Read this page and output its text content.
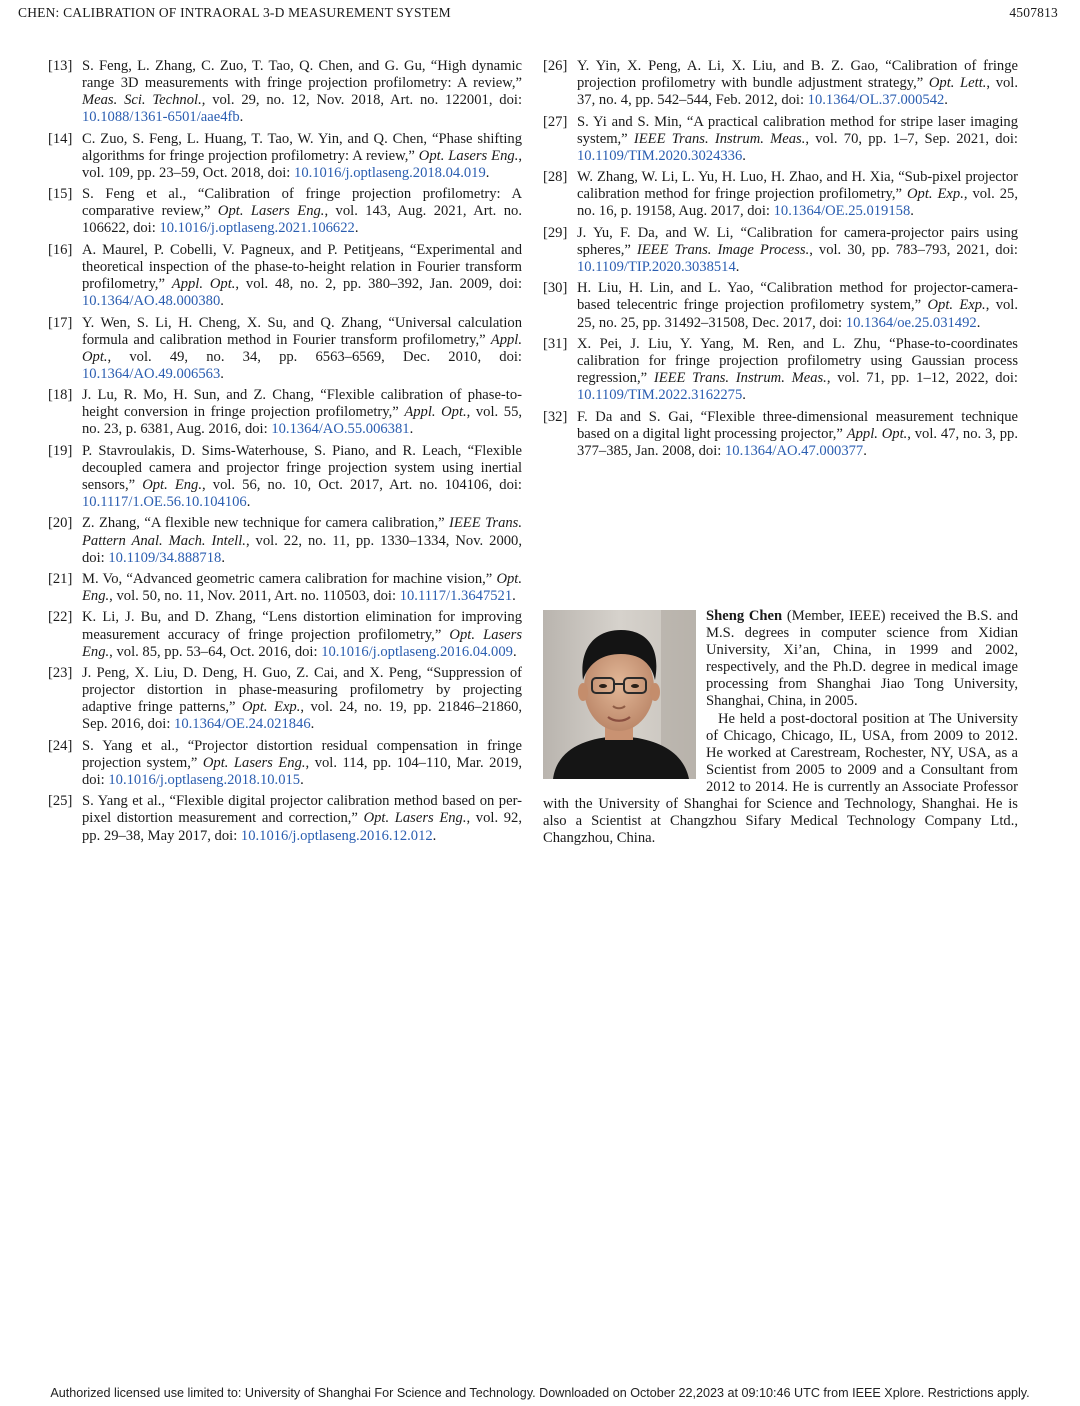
CHEN: CALIBRATION OF INTRAORAL 3-D MEASUREMENT SYSTEM	4507813
[13] S. Feng, L. Zhang, C. Zuo, T. Tao, Q. Chen, and G. Gu, “High dynamic range 3D measurements with fringe projection profilometry: A review,” Meas. Sci. Technol., vol. 29, no. 12, Nov. 2018, Art. no. 122001, doi: 10.1088/1361-6501/aae4fb.
[14] C. Zuo, S. Feng, L. Huang, T. Tao, W. Yin, and Q. Chen, “Phase shifting algorithms for fringe projection profilometry: A review,” Opt. Lasers Eng., vol. 109, pp. 23–59, Oct. 2018, doi: 10.1016/j.optlaseng.2018.04.019.
[15] S. Feng et al., “Calibration of fringe projection profilometry: A comparative review,” Opt. Lasers Eng., vol. 143, Aug. 2021, Art. no. 106622, doi: 10.1016/j.optlaseng.2021.106622.
[16] A. Maurel, P. Cobelli, V. Pagneux, and P. Petitjeans, “Experimental and theoretical inspection of the phase-to-height relation in Fourier transform profilometry,” Appl. Opt., vol. 48, no. 2, pp. 380–392, Jan. 2009, doi: 10.1364/AO.48.000380.
[17] Y. Wen, S. Li, H. Cheng, X. Su, and Q. Zhang, “Universal calculation formula and calibration method in Fourier transform profilometry,” Appl. Opt., vol. 49, no. 34, pp. 6563–6569, Dec. 2010, doi: 10.1364/AO.49.006563.
[18] J. Lu, R. Mo, H. Sun, and Z. Chang, “Flexible calibration of phase-to-height conversion in fringe projection profilometry,” Appl. Opt., vol. 55, no. 23, p. 6381, Aug. 2016, doi: 10.1364/AO.55.006381.
[19] P. Stavroulakis, D. Sims-Waterhouse, S. Piano, and R. Leach, “Flexible decoupled camera and projector fringe projection system using inertial sensors,” Opt. Eng., vol. 56, no. 10, Oct. 2017, Art. no. 104106, doi: 10.1117/1.OE.56.10.104106.
[20] Z. Zhang, “A flexible new technique for camera calibration,” IEEE Trans. Pattern Anal. Mach. Intell., vol. 22, no. 11, pp. 1330–1334, Nov. 2000, doi: 10.1109/34.888718.
[21] M. Vo, “Advanced geometric camera calibration for machine vision,” Opt. Eng., vol. 50, no. 11, Nov. 2011, Art. no. 110503, doi: 10.1117/1.3647521.
[22] K. Li, J. Bu, and D. Zhang, “Lens distortion elimination for improving measurement accuracy of fringe projection profilometry,” Opt. Lasers Eng., vol. 85, pp. 53–64, Oct. 2016, doi: 10.1016/j.optlaseng.2016.04.009.
[23] J. Peng, X. Liu, D. Deng, H. Guo, Z. Cai, and X. Peng, “Suppression of projector distortion in phase-measuring profilometry by projecting adaptive fringe patterns,” Opt. Exp., vol. 24, no. 19, pp. 21846–21860, Sep. 2016, doi: 10.1364/OE.24.021846.
[24] S. Yang et al., “Projector distortion residual compensation in fringe projection system,” Opt. Lasers Eng., vol. 114, pp. 104–110, Mar. 2019, doi: 10.1016/j.optlaseng.2018.10.015.
[25] S. Yang et al., “Flexible digital projector calibration method based on per-pixel distortion measurement and correction,” Opt. Lasers Eng., vol. 92, pp. 29–38, May 2017, doi: 10.1016/j.optlaseng.2016.12.012.
[26] Y. Yin, X. Peng, A. Li, X. Liu, and B. Z. Gao, “Calibration of fringe projection profilometry with bundle adjustment strategy,” Opt. Lett., vol. 37, no. 4, pp. 542–544, Feb. 2012, doi: 10.1364/OL.37.000542.
[27] S. Yi and S. Min, “A practical calibration method for stripe laser imaging system,” IEEE Trans. Instrum. Meas., vol. 70, pp. 1–7, Sep. 2021, doi: 10.1109/TIM.2020.3024336.
[28] W. Zhang, W. Li, L. Yu, H. Luo, H. Zhao, and H. Xia, “Sub-pixel projector calibration method for fringe projection profilometry,” Opt. Exp., vol. 25, no. 16, p. 19158, Aug. 2017, doi: 10.1364/OE.25.019158.
[29] J. Yu, F. Da, and W. Li, “Calibration for camera-projector pairs using spheres,” IEEE Trans. Image Process., vol. 30, pp. 783–793, 2021, doi: 10.1109/TIP.2020.3038514.
[30] H. Liu, H. Lin, and L. Yao, “Calibration method for projector-camera-based telecentric fringe projection profilometry system,” Opt. Exp., vol. 25, no. 25, pp. 31492–31508, Dec. 2017, doi: 10.1364/oe.25.031492.
[31] X. Pei, J. Liu, Y. Yang, M. Ren, and L. Zhu, “Phase-to-coordinates calibration for fringe projection profilometry using Gaussian process regression,” IEEE Trans. Instrum. Meas., vol. 71, pp. 1–12, 2022, doi: 10.1109/TIM.2022.3162275.
[32] F. Da and S. Gai, “Flexible three-dimensional measurement technique based on a digital light processing projector,” Appl. Opt., vol. 47, no. 3, pp. 377–385, Jan. 2008, doi: 10.1364/AO.47.000377.

Sheng Chen (Member, IEEE) received the B.S. and M.S. degrees in computer science from Xidian University, Xi’an, China, in 1999 and 2002, respectively, and the Ph.D. degree in medical image processing from Shanghai Jiao Tong University, Shanghai, China, in 2005.

He held a post-doctoral position at The University of Chicago, Chicago, IL, USA, from 2009 to 2012. He worked at Carestream, Rochester, NY, USA, as a Scientist from 2005 to 2009 and a Consultant from 2012 to 2014. He is currently an Associate Professor with the University of Shanghai for Science and Technology, Shanghai. He is also a Scientist at Changzhou Sifary Medical Technology Company Ltd., Changzhou, China.

Authorized licensed use limited to: University of Shanghai For Science and Technology. Downloaded on October 22,2023 at 09:10:46 UTC from IEEE Xplore. Restrictions apply.
